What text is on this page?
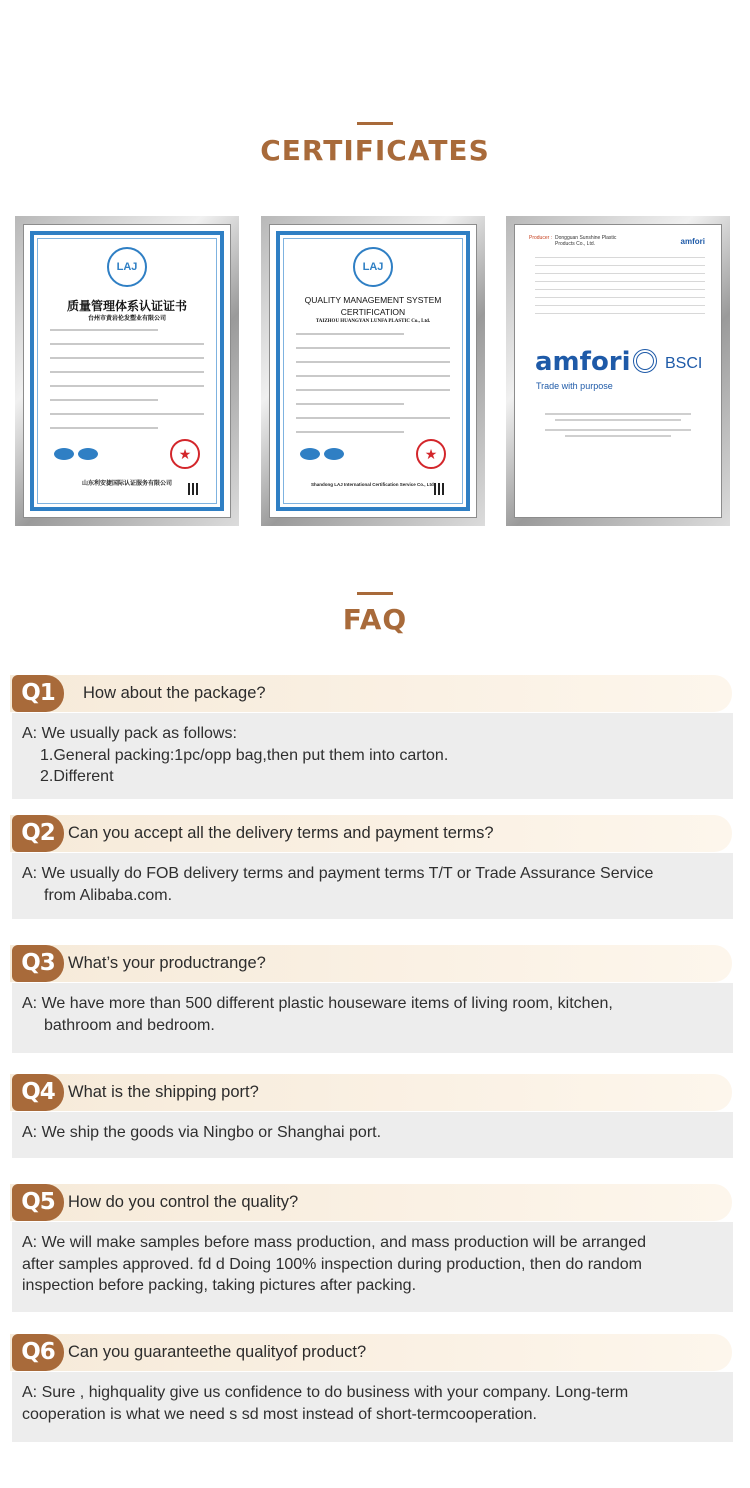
CERTIFICATES
LAJ
质量管理体系认证证书
台州市黄岩伦发塑业有限公司
★
山东利安捷国际认证服务有限公司
LAJ
QUALITY MANAGEMENT SYSTEM
CERTIFICATION
TAIZHOU HUANGYAN LUNFA PLASTIC Co., Ltd.
★
Shandong LAJ International Certification Service Co., Ltd.
Producer : Dongguan Sunshine Plastic Products Co., Ltd.	amfori
amfori BSCI
Trade with purpose
FAQ
Q1	How about the package?
A: We usually pack as follows:
1.General packing:1pc/opp bag,then put them into carton.
2.Different
Q2 Can you accept all the delivery terms and payment terms?
A: We usually do FOB delivery terms and payment terms T/T or Trade Assurance Service
from Alibaba.com.
Q3 What’s your productrange?
A: We have more than 500 different plastic houseware items of living room, kitchen,
bathroom and bedroom.
Q4 What is the shipping port?
A: We ship the goods via Ningbo or Shanghai port.
Q5 How do you control the quality?
A: We will make samples before mass production, and mass production will be arranged
after samples approved. fd d Doing 100% inspection during production, then do random
inspection before packing, taking pictures after packing.
Q6 Can you guaranteethe qualityof product?
A: Sure , highquality give us confidence to do business with your company. Long-term
cooperation is what we need s sd most instead of short-termcooperation.
